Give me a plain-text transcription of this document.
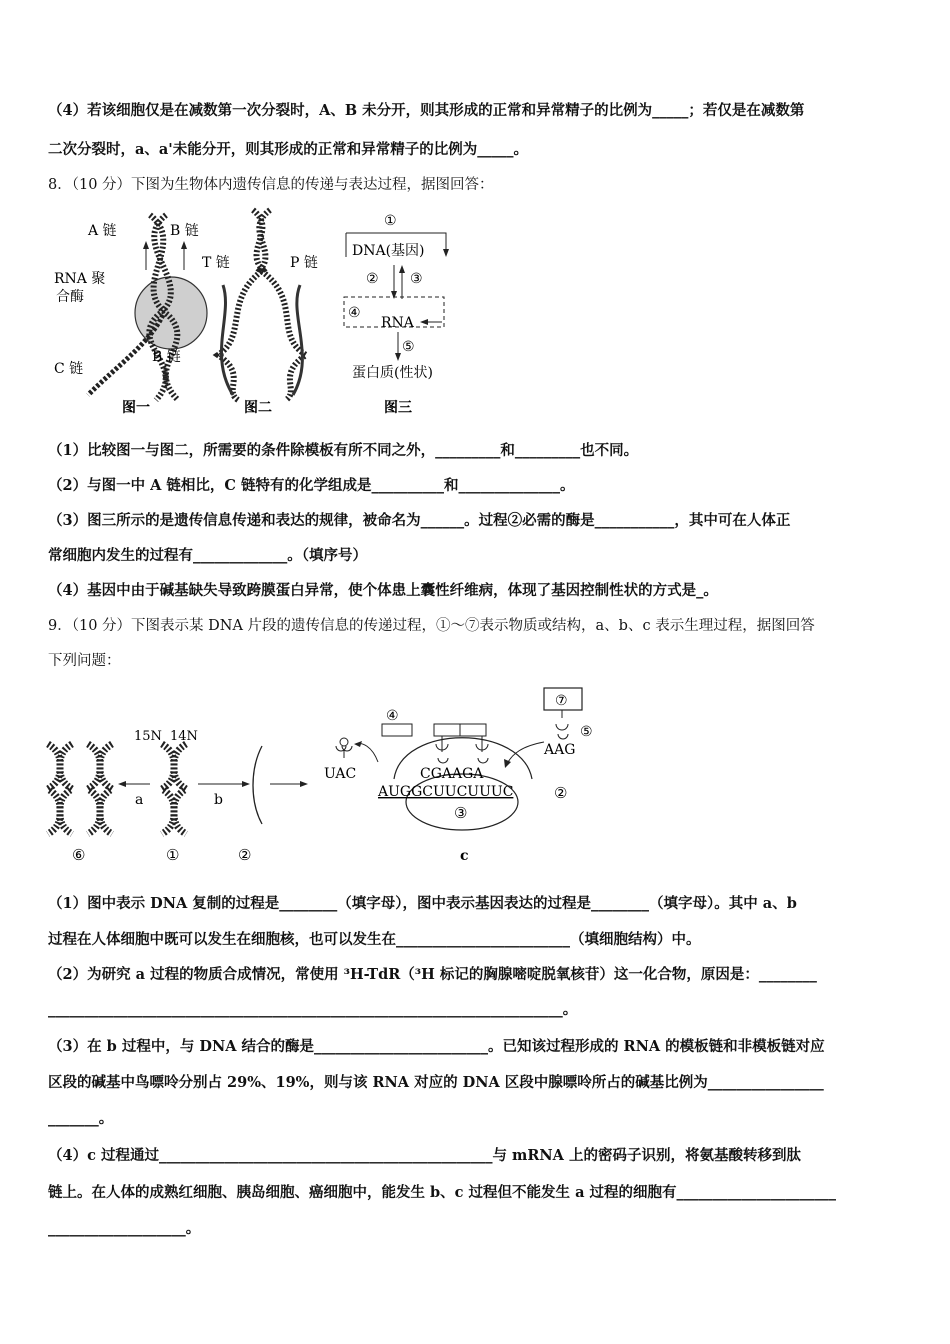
（4）若该细胞仅是在减数第一次分裂时，A、B 未分开，则其形成的正常和异常精子的比例为_____；若仅是在减数第
二次分裂时，a、a'未能分开，则其形成的正常和异常精子的比例为_____。
8．（10 分）下图为生物体内遗传信息的传递与表达过程，据图回答：
A 链	B 链
RNA 聚
合酶
C 链
B 链
图一
T 链	P 链
图二
①
DNA(基因)
② ③
④
RNA
⑤
蛋白质(性状)
图三
（1）比较图一与图二，所需要的条件除模板有所不同之外，_________和_________也不同。
（2）与图一中 A 链相比，C 链特有的化学组成是__________和______________。
（3）图三所示的是遗传信息传递和表达的规律，被命名为______。过程②必需的酶是___________，其中可在人体正
常细胞内发生的过程有_____________。（填序号）
（4）基因中由于碱基缺失导致跨膜蛋白异常，使个体患上囊性纤维病，体现了基因控制性状的方式是_。
9．（10 分）下图表示某 DNA 片段的遗传信息的传递过程，①～⑦表示物质或结构，a、b、c 表示生理过程，据图回答
下列问题：
a	b
15N 14N
⑥	①	②
④
UAC
⑦
⑤
AAG
CGAAGA
AUGGCUUCUUUC	②
③
c
（1）图中表示 DNA 复制的过程是________（填字母），图中表示基因表达的过程是________（填字母）。其中 a、b
过程在人体细胞中既可以发生在细胞核，也可以发生在________________________（填细胞结构）中。
（2）为研究 a 过程的物质合成情况，常使用 ³H-TdR（³H 标记的胸腺嘧啶脱氧核苷）这一化合物，原因是：________
_______________________________________________________________________。
（3）在 b 过程中，与 DNA 结合的酶是________________________。已知该过程形成的 RNA 的模板链和非模板链对应
区段的碱基中鸟嘌呤分别占 29%、19%，则与该 RNA 对应的 DNA 区段中腺嘌呤所占的碱基比例为________________
_______。
（4）c 过程通过______________________________________________与 mRNA 上的密码子识别，将氨基酸转移到肽
链上。在人体的成熟红细胞、胰岛细胞、癌细胞中，能发生 b、c 过程但不能发生 a 过程的细胞有______________________
___________________。
